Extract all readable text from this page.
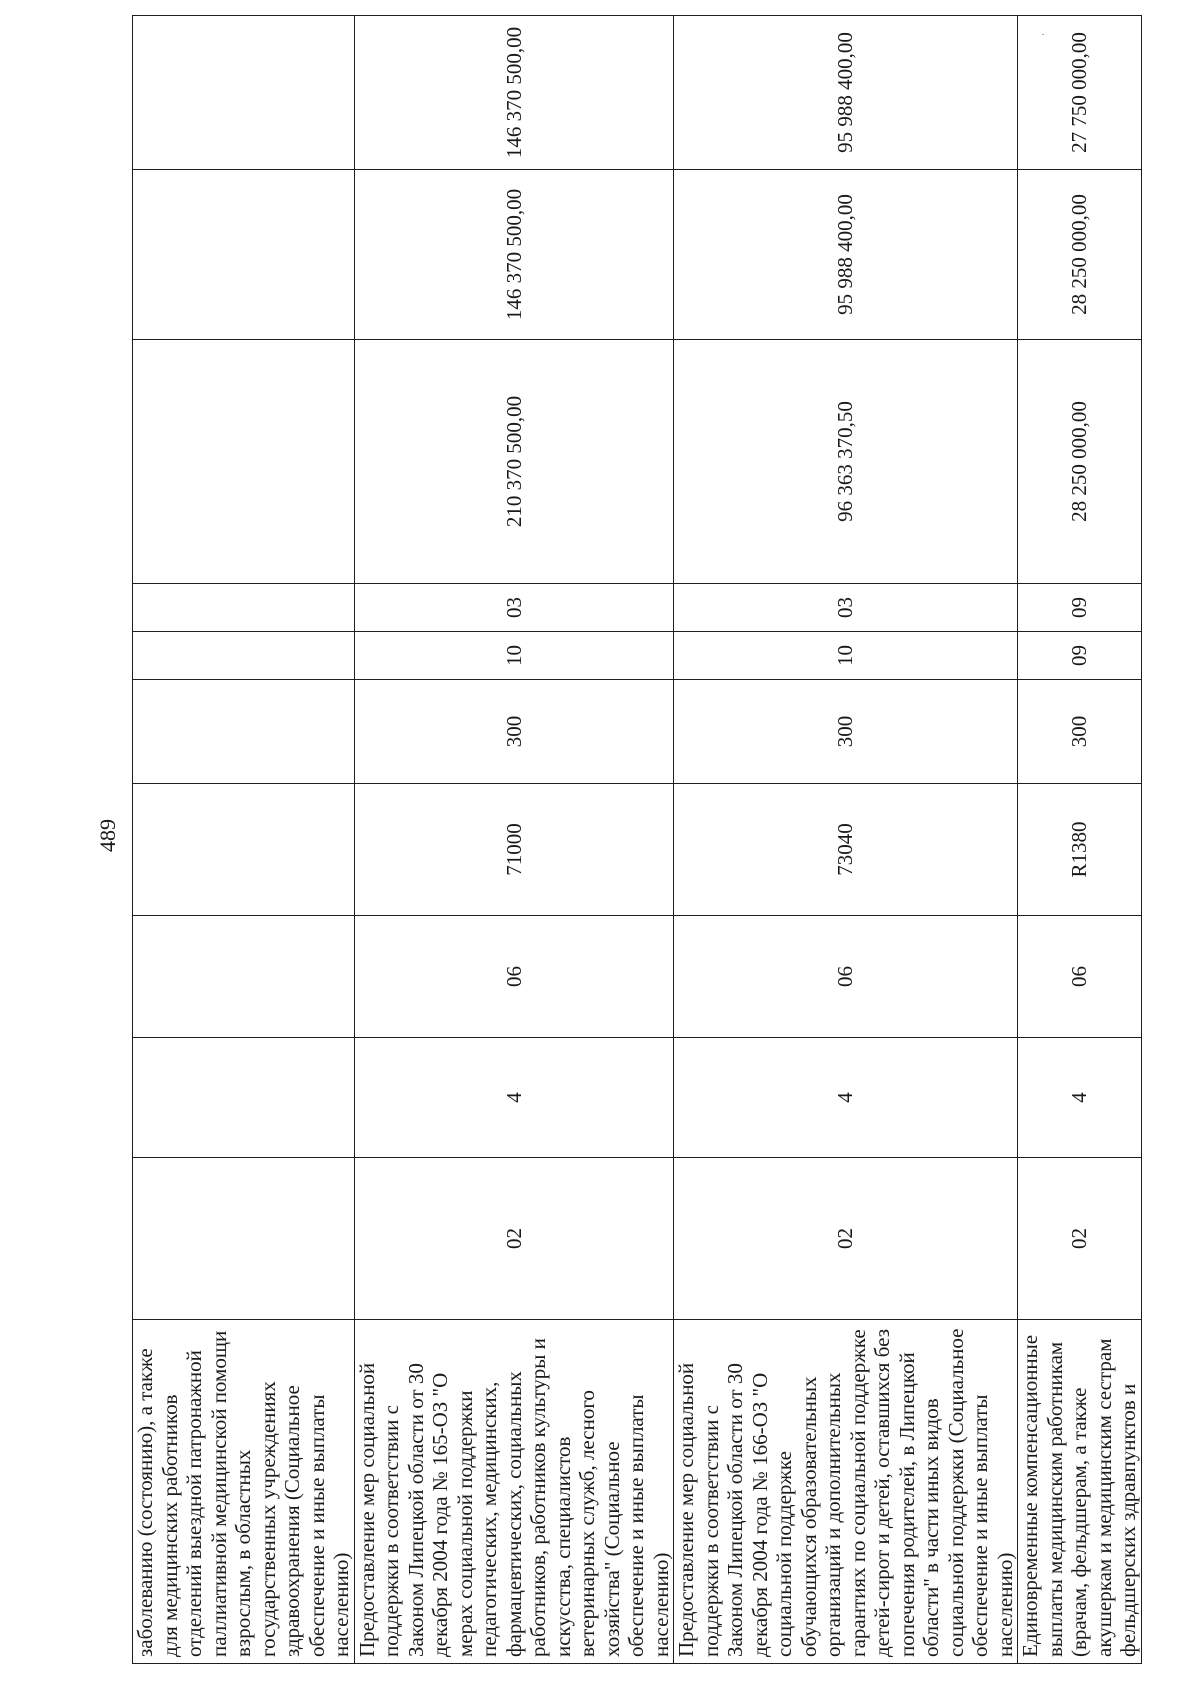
489
заболеванию (состоянию), а также для медицинских работников отделений выездной патронажной паллиативной медицинской помощи взрослым, в областных государственных учреждениях здравоохранения (Социальное обеспечение и иные выплаты населению)										

Предоставление мер социальной поддержки в соответствии с Законом Липецкой области от 30 декабря 2004 года № 165-ОЗ "О мерах социальной поддержки педагогических, медицинских, фармацевтических, социальных работников, работников культуры и искусства, специалистов ветеринарных служб, лесного хозяйства" (Социальное обеспечение и иные выплаты населению)	02	4	06	71000	300	10	03	210 370 500,00	146 370 500,00	146 370 500,00

Предоставление мер социальной поддержки в соответствии с Законом Липецкой области от 30 декабря 2004 года № 166-ОЗ "О социальной поддержке обучающихся образовательных организаций и дополнительных гарантиях по социальной поддержке детей-сирот и детей, оставшихся без попечения родителей, в Липецкой области" в части иных видов социальной поддержки (Социальное обеспечение и иные выплаты населению)	02	4	06	73040	300	10	03	96 363 370,50	95 988 400,00	95 988 400,00

Единовременные компенсационные выплаты медицинским работникам (врачам, фельдшерам, а также акушеркам и медицинским сестрам фельдшерских здравпунктов и	02	4	06	R1380	300	09	09	28 250 000,00	28 250 000,00	27 750 000,00
